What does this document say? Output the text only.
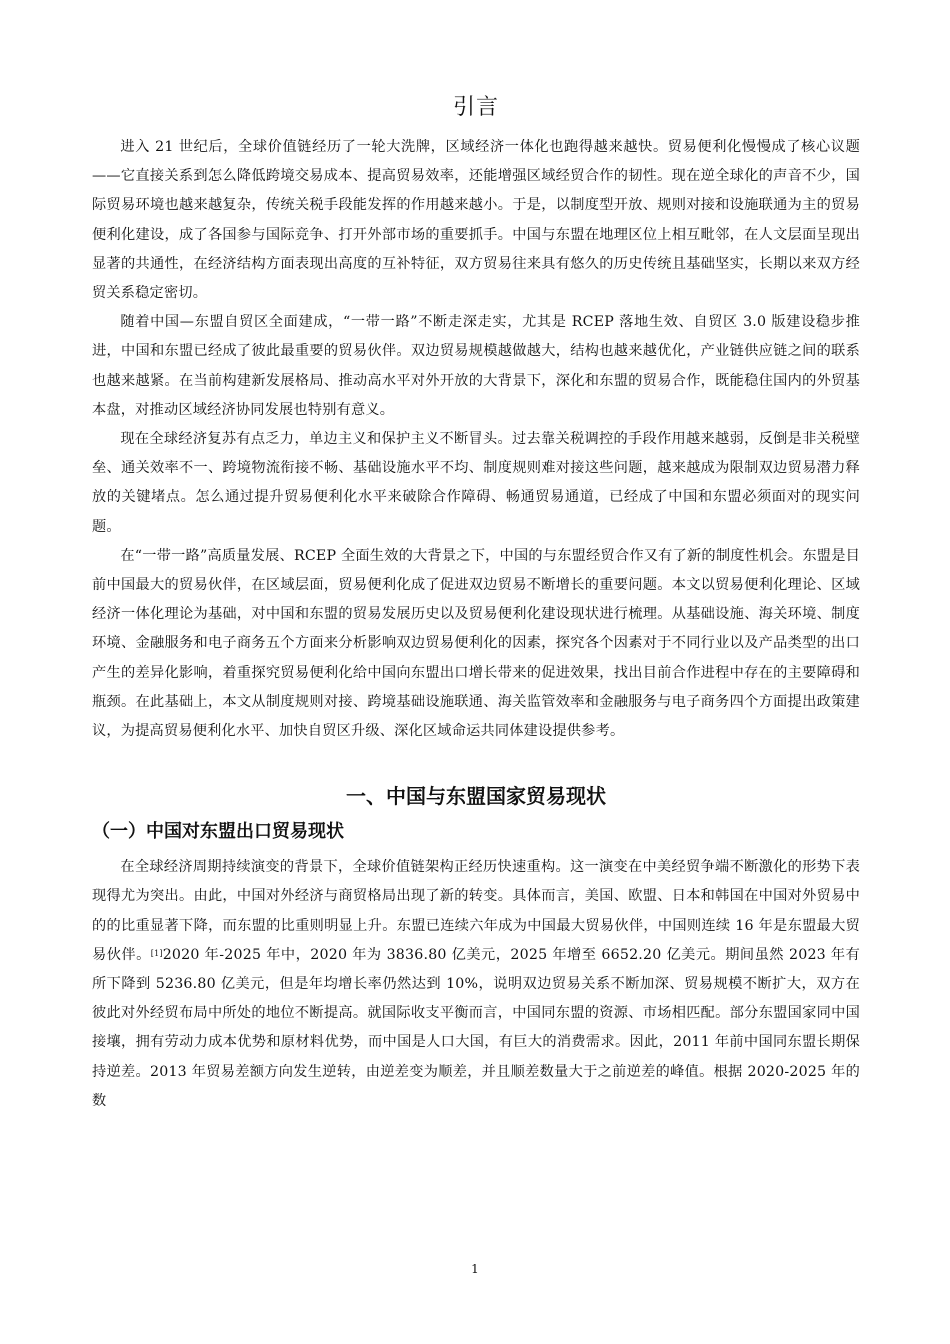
引言

进入 21 世纪后，全球价值链经历了一轮大洗牌，区域经济一体化也跑得越来越快。贸易便利化慢慢成了核心议题——它直接关系到怎么降低跨境交易成本、提高贸易效率，还能增强区域经贸合作的韧性。现在逆全球化的声音不少，国际贸易环境也越来越复杂，传统关税手段能发挥的作用越来越小。于是，以制度型开放、规则对接和设施联通为主的贸易便利化建设，成了各国参与国际竞争、打开外部市场的重要抓手。中国与东盟在地理区位上相互毗邻，在人文层面呈现出显著的共通性，在经济结构方面表现出高度的互补特征，双方贸易往来具有悠久的历史传统且基础坚实，长期以来双方经贸关系稳定密切。

随着中国—东盟自贸区全面建成，“一带一路”不断走深走实，尤其是 RCEP 落地生效、自贸区 3.0 版建设稳步推进，中国和东盟已经成了彼此最重要的贸易伙伴。双边贸易规模越做越大，结构也越来越优化，产业链供应链之间的联系也越来越紧。在当前构建新发展格局、推动高水平对外开放的大背景下，深化和东盟的贸易合作，既能稳住国内的外贸基本盘，对推动区域经济协同发展也特别有意义。

现在全球经济复苏有点乏力，单边主义和保护主义不断冒头。过去靠关税调控的手段作用越来越弱，反倒是非关税壁垒、通关效率不一、跨境物流衔接不畅、基础设施水平不均、制度规则难对接这些问题，越来越成为限制双边贸易潜力释放的关键堵点。怎么通过提升贸易便利化水平来破除合作障碍、畅通贸易通道，已经成了中国和东盟必须面对的现实问题。

在“一带一路”高质量发展、RCEP 全面生效的大背景之下，中国的与东盟经贸合作又有了新的制度性机会。东盟是目前中国最大的贸易伙伴，在区域层面，贸易便利化成了促进双边贸易不断增长的重要问题。本文以贸易便利化理论、区域经济一体化理论为基础，对中国和东盟的贸易发展历史以及贸易便利化建设现状进行梳理。从基础设施、海关环境、制度环境、金融服务和电子商务五个方面来分析影响双边贸易便利化的因素，探究各个因素对于不同行业以及产品类型的出口产生的差异化影响，着重探究贸易便利化给中国向东盟出口增长带来的促进效果，找出目前合作进程中存在的主要障碍和瓶颈。在此基础上，本文从制度规则对接、跨境基础设施联通、海关监管效率和金融服务与电子商务四个方面提出政策建议，为提高贸易便利化水平、加快自贸区升级、深化区域命运共同体建设提供参考。

一、中国与东盟国家贸易现状
（一）中国对东盟出口贸易现状

在全球经济周期持续演变的背景下，全球价值链架构正经历快速重构。这一演变在中美经贸争端不断激化的形势下表现得尤为突出。由此，中国对外经济与商贸格局出现了新的转变。具体而言，美国、欧盟、日本和韩国在中国对外贸易中的的比重显著下降，而东盟的比重则明显上升。东盟已连续六年成为中国最大贸易伙伴，中国则连续 16 年是东盟最大贸易伙伴。[1]2020 年-2025 年中，2020 年为 3836.80 亿美元，2025 年增至 6652.20 亿美元。期间虽然 2023 年有所下降到 5236.80 亿美元，但是年均增长率仍然达到 10%，说明双边贸易关系不断加深、贸易规模不断扩大，双方在彼此对外经贸布局中所处的地位不断提高。就国际收支平衡而言，中国同东盟的资源、市场相匹配。部分东盟国家同中国接壤，拥有劳动力成本优势和原材料优势，而中国是人口大国，有巨大的消费需求。因此，2011 年前中国同东盟长期保持逆差。2013 年贸易差额方向发生逆转，由逆差变为顺差，并且顺差数量大于之前逆差的峰值。根据 2020-2025 年的数

1
